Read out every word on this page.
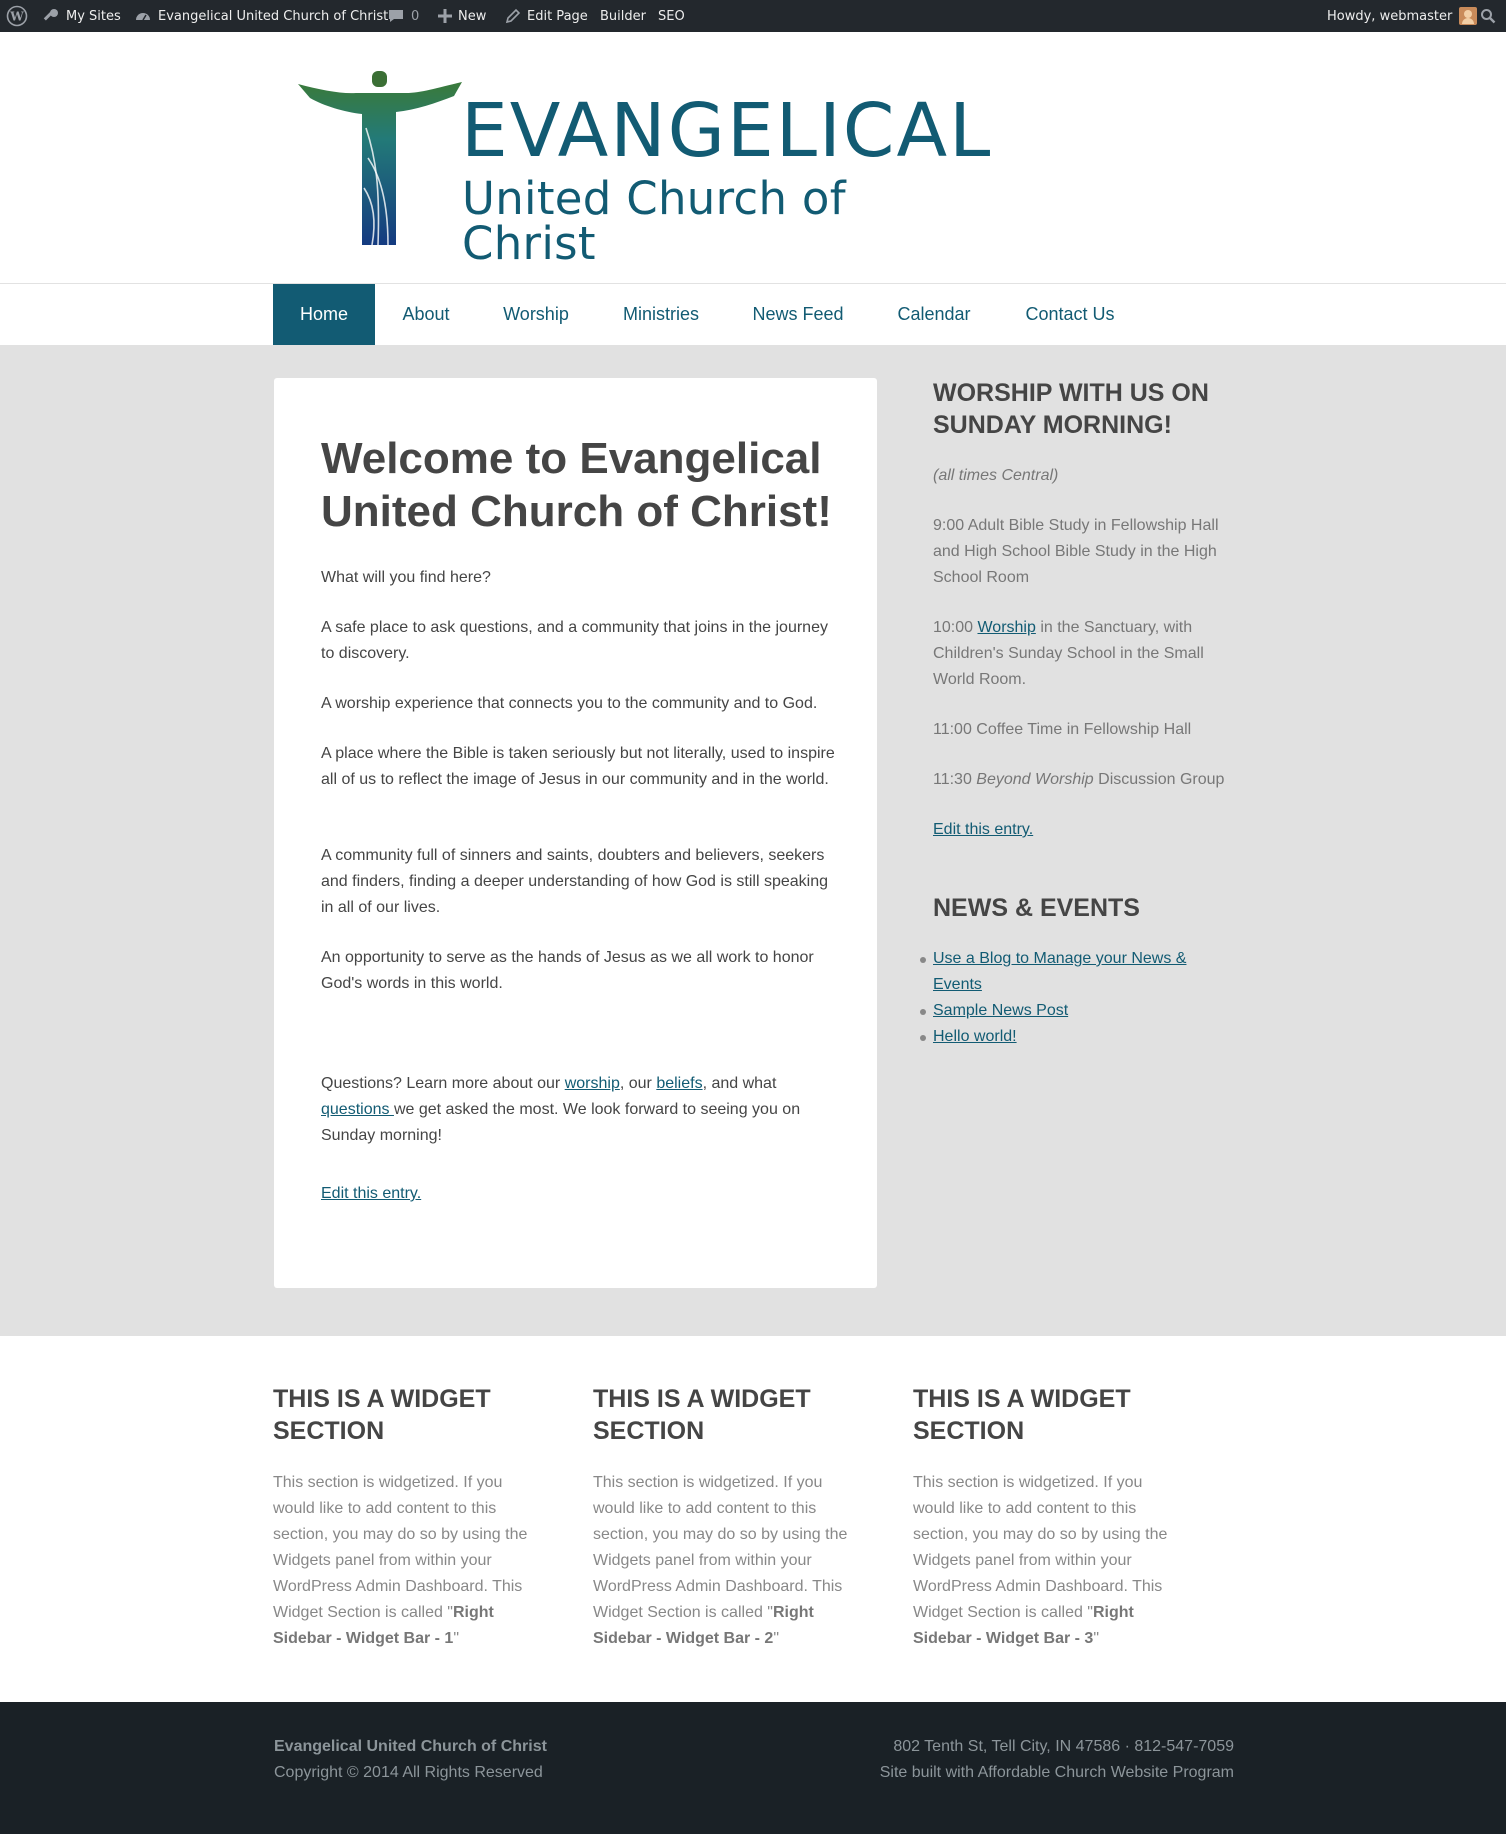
W	My Sites	Evangelical United Church of Christ 0	New	Edit Page Builder SEO	Howdy, webmaster
EVANGELICAL
United Church of Christ
Home	About	Worship	Ministries	News Feed	Calendar	Contact Us
Welcome to Evangelical United Church of Christ!

What will you find here?

A safe place to ask questions, and a community that joins in the journey to discovery.

A worship experience that connects you to the community and to God.

A place where the Bible is taken seriously but not literally, used to inspire all of us to reflect the image of Jesus in our community and in the world.

A community full of sinners and saints, doubters and believers, seekers and finders, finding a deeper understanding of how God is still speaking in all of our lives.

An opportunity to serve as the hands of Jesus as we all work to honor God's words in this world.

Questions? Learn more about our worship, our beliefs, and what questions we get asked the most. We look forward to seeing you on Sunday morning!

Edit this entry.

WORSHIP WITH US ON SUNDAY MORNING!

(all times Central)

9:00 Adult Bible Study in Fellowship Hall and High School Bible Study in the High School Room

10:00 Worship in the Sanctuary, with Children's Sunday School in the Small World Room.

11:00 Coffee Time in Fellowship Hall

11:30 Beyond Worship Discussion Group

Edit this entry.

NEWS & EVENTS
Use a Blog to Manage your News & Events
Sample News Post
Hello world!
THIS IS A WIDGET SECTION

This section is widgetized. If you would like to add content to this section, you may do so by using the Widgets panel from within your WordPress Admin Dashboard. This Widget Section is called "Right Sidebar - Widget Bar - 1"

THIS IS A WIDGET SECTION

This section is widgetized. If you would like to add content to this section, you may do so by using the Widgets panel from within your WordPress Admin Dashboard. This Widget Section is called "Right Sidebar - Widget Bar - 2"

THIS IS A WIDGET SECTION

This section is widgetized. If you would like to add content to this section, you may do so by using the Widgets panel from within your WordPress Admin Dashboard. This Widget Section is called "Right Sidebar - Widget Bar - 3"

Evangelical United Church of Christ
Copyright © 2014 All Rights Reserved
802 Tenth St, Tell City, IN 47586 · 812-547-7059
Site built with Affordable Church Website Program
